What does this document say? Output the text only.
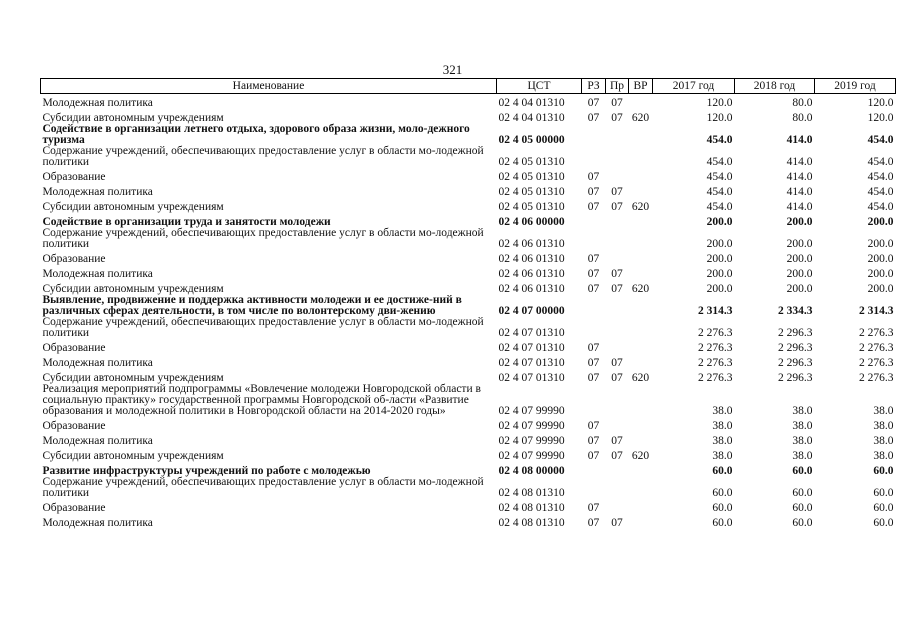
321
Наименование	ЦСТ	РЗ	Пр	ВР	2017 год	2018 год	2019 год
Молодежная политика	02 4 04 01310	07	07		120.0	80.0	120.0
Субсидии автономным учреждениям	02 4 04 01310	07	07	620	120.0	80.0	120.0
Содействие в организации летнего отдыха, здорового образа жизни, моло-дежного туризма	02 4 05 00000				454.0	414.0	454.0
Содержание учреждений, обеспечивающих предоставление услуг в области мо-лодежной политики	02 4 05 01310				454.0	414.0	454.0
Образование	02 4 05 01310	07			454.0	414.0	454.0
Молодежная политика	02 4 05 01310	07	07		454.0	414.0	454.0
Субсидии автономным учреждениям	02 4 05 01310	07	07	620	454.0	414.0	454.0
Содействие в организации труда и занятости молодежи	02 4 06 00000				200.0	200.0	200.0
Содержание учреждений, обеспечивающих предоставление услуг в области мо-лодежной политики	02 4 06 01310				200.0	200.0	200.0
Образование	02 4 06 01310	07			200.0	200.0	200.0
Молодежная политика	02 4 06 01310	07	07		200.0	200.0	200.0
Субсидии автономным учреждениям	02 4 06 01310	07	07	620	200.0	200.0	200.0
Выявление, продвижение и поддержка активности молодежи и ее достиже-ний в различных сферах деятельности, в том числе по волонтерскому дви-жению	02 4 07 00000				2 314.3	2 334.3	2 314.3
Содержание учреждений, обеспечивающих предоставление услуг в области мо-лодежной политики	02 4 07 01310				2 276.3	2 296.3	2 276.3
Образование	02 4 07 01310	07			2 276.3	2 296.3	2 276.3
Молодежная политика	02 4 07 01310	07	07		2 276.3	2 296.3	2 276.3
Субсидии автономным учреждениям	02 4 07 01310	07	07	620	2 276.3	2 296.3	2 276.3
Реализация мероприятий подпрограммы «Вовлечение молодежи Новгородской области в социальную практику» государственной программы Новгородской об-ласти «Развитие образования и молодежной политики в Новгородской области на 2014-2020 годы»	02 4 07 99990				38.0	38.0	38.0
Образование	02 4 07 99990	07			38.0	38.0	38.0
Молодежная политика	02 4 07 99990	07	07		38.0	38.0	38.0
Субсидии автономным учреждениям	02 4 07 99990	07	07	620	38.0	38.0	38.0
Развитие инфраструктуры учреждений по работе с молодежью	02 4 08 00000				60.0	60.0	60.0
Содержание учреждений, обеспечивающих предоставление услуг в области мо-лодежной политики	02 4 08 01310				60.0	60.0	60.0
Образование	02 4 08 01310	07			60.0	60.0	60.0
Молодежная политика	02 4 08 01310	07	07		60.0	60.0	60.0
